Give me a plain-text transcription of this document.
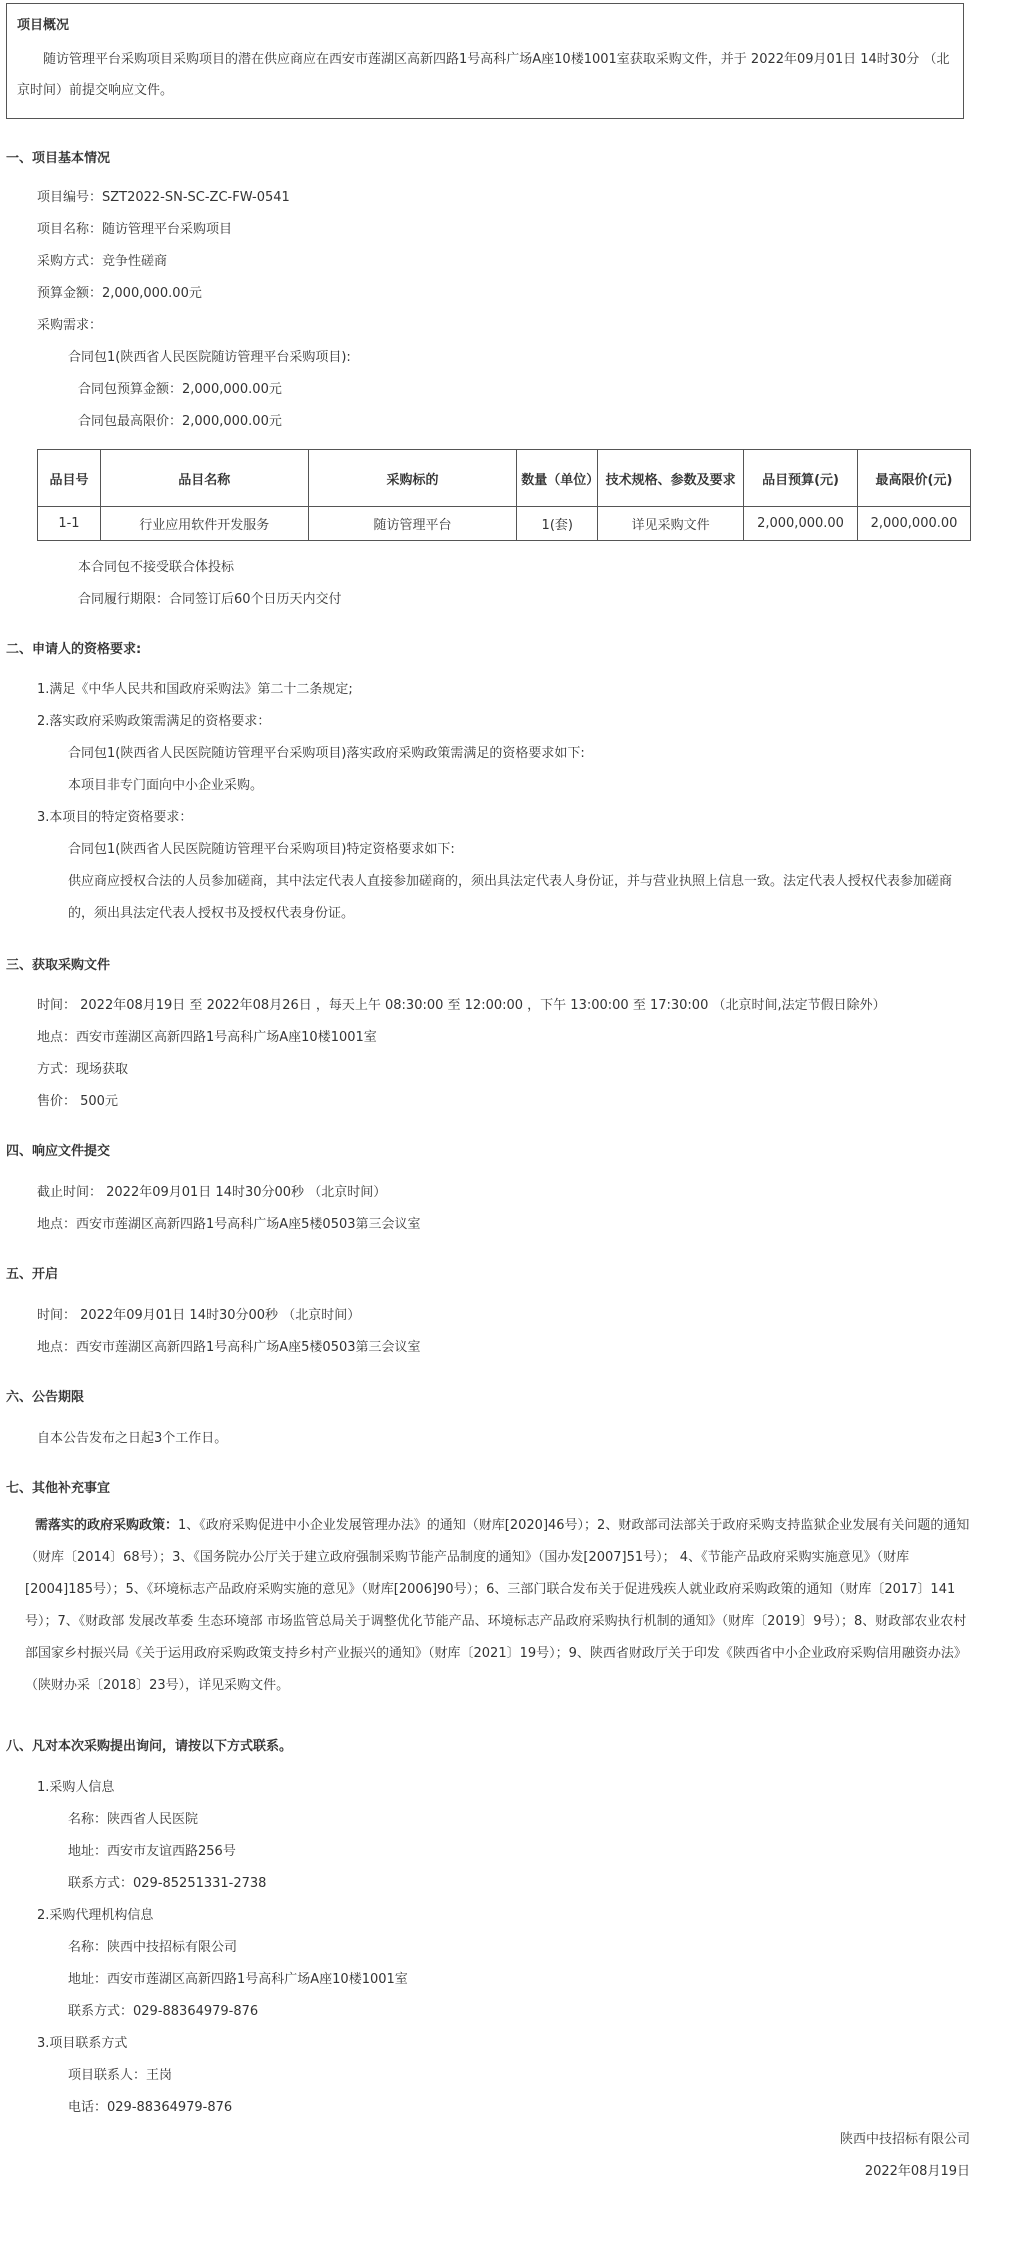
项目概况
随访管理平台采购项目采购项目的潜在供应商应在西安市莲湖区高新四路1号高科广场A座10楼1001室获取采购文件，并于 2022年09月01日 14时30分 （北京时间）前提交响应文件。
一、项目基本情况
项目编号：SZT2022-SN-SC-ZC-FW-0541
项目名称：随访管理平台采购项目
采购方式：竞争性磋商
预算金额：2,000,000.00元
采购需求：
合同包1(陕西省人民医院随访管理平台采购项目):
合同包预算金额：2,000,000.00元
合同包最高限价：2,000,000.00元
品目号	品目名称	采购标的	数量（单位）	技术规格、参数及要求	品目预算(元)	最高限价(元)
1-1	行业应用软件开发服务	随访管理平台	1(套)	详见采购文件	2,000,000.00	2,000,000.00
本合同包不接受联合体投标
合同履行期限：合同签订后60个日历天内交付
二、申请人的资格要求:
1.满足《中华人民共和国政府采购法》第二十二条规定;
2.落实政府采购政策需满足的资格要求：
合同包1(陕西省人民医院随访管理平台采购项目)落实政府采购政策需满足的资格要求如下:
本项目非专门面向中小企业采购。
3.本项目的特定资格要求：
合同包1(陕西省人民医院随访管理平台采购项目)特定资格要求如下:
供应商应授权合法的人员参加磋商，其中法定代表人直接参加磋商的，须出具法定代表人身份证，并与营业执照上信息一致。法定代表人授权代表参加磋商的，须出具法定代表人授权书及授权代表身份证。
三、获取采购文件
时间： 2022年08月19日 至 2022年08月26日 ，每天上午 08:30:00 至 12:00:00 ，下午 13:00:00 至 17:30:00 （北京时间,法定节假日除外）
地点：西安市莲湖区高新四路1号高科广场A座10楼1001室
方式：现场获取
售价： 500元
四、响应文件提交
截止时间： 2022年09月01日 14时30分00秒 （北京时间）
地点：西安市莲湖区高新四路1号高科广场A座5楼0503第三会议室
五、开启
时间： 2022年09月01日 14时30分00秒 （北京时间）
地点：西安市莲湖区高新四路1号高科广场A座5楼0503第三会议室
六、公告期限
自本公告发布之日起3个工作日。
七、其他补充事宜
需落实的政府采购政策：1、《政府采购促进中小企业发展管理办法》的通知（财库[2020]46号）；2、财政部司法部关于政府采购支持监狱企业发展有关问题的通知（财库〔2014〕68号）；3、《国务院办公厅关于建立政府强制采购节能产品制度的通知》（国办发[2007]51号）； 4、《节能产品政府采购实施意见》（财库[2004]185号）；5、《环境标志产品政府采购实施的意见》（财库[2006]90号）；6、三部门联合发布关于促进残疾人就业政府采购政策的通知（财库〔2017〕141号）；7、《财政部 发展改革委 生态环境部 市场监管总局关于调整优化节能产品、环境标志产品政府采购执行机制的通知》（财库〔2019〕9号）；8、财政部农业农村部国家乡村振兴局《关于运用政府采购政策支持乡村产业振兴的通知》（财库〔2021〕19号）；9、陕西省财政厅关于印发《陕西省中小企业政府采购信用融资办法》（陕财办采〔2018〕23号），详见采购文件。
八、凡对本次采购提出询问，请按以下方式联系。
1.采购人信息
名称：陕西省人民医院
地址：西安市友谊西路256号
联系方式：029-85251331-2738
2.采购代理机构信息
名称：陕西中技招标有限公司
地址：西安市莲湖区高新四路1号高科广场A座10楼1001室
联系方式：029-88364979-876
3.项目联系方式
项目联系人：王岗
电话：029-88364979-876
陕西中技招标有限公司
2022年08月19日
